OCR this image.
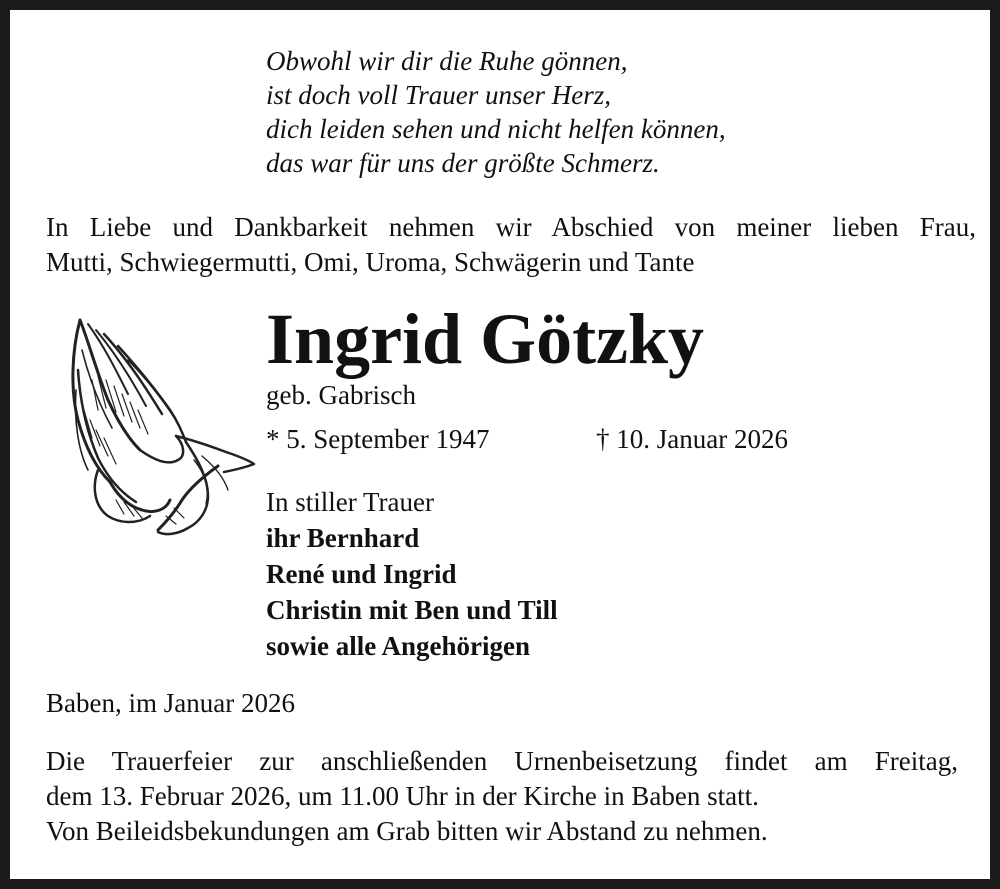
Obwohl wir dir die Ruhe gönnen,
ist doch voll Trauer unser Herz,
dich leiden sehen und nicht helfen können,
das war für uns der größte Schmerz.
In Liebe und Dankbarkeit nehmen wir Abschied von meiner lieben Frau,
Mutti, Schwiegermutti, Omi, Uroma, Schwägerin und Tante
Ingrid Götzky
geb. Gabrisch
* 5. September 1947	† 10. Januar 2026
In stiller Trauer
ihr Bernhard
René und Ingrid
Christin mit Ben und Till
sowie alle Angehörigen
Baben, im Januar 2026
Die Trauerfeier zur anschließenden Urnenbeisetzung findet am Freitag,
dem 13. Februar 2026, um 11.00 Uhr in der Kirche in Baben statt.
Von Beileidsbekundungen am Grab bitten wir Abstand zu nehmen.
